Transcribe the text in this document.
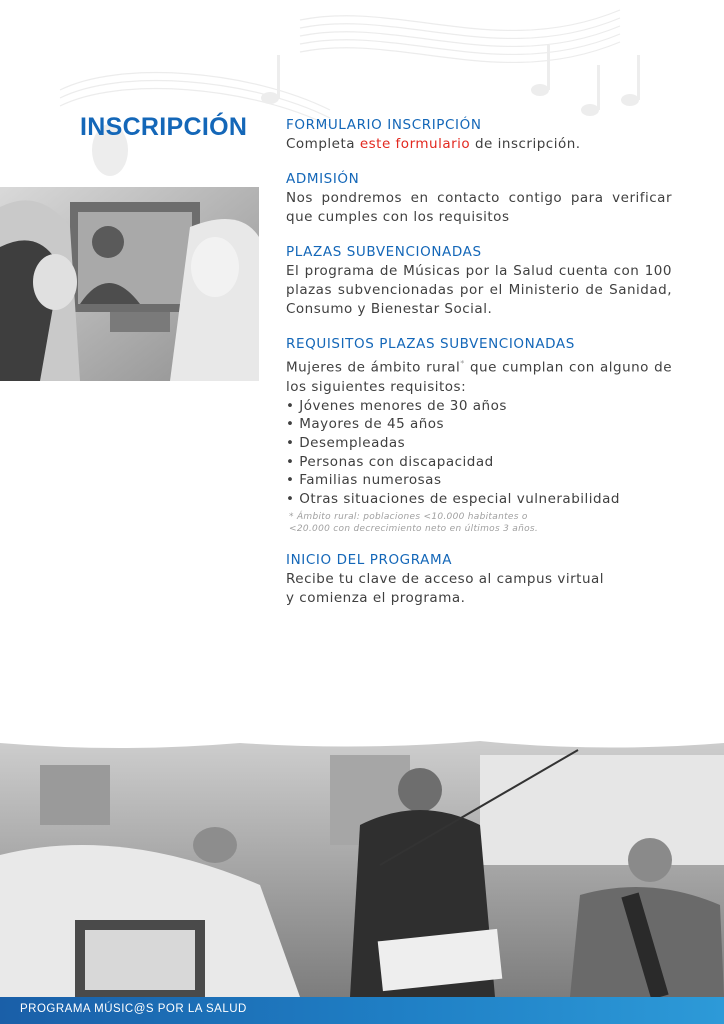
INSCRIPCIÓN	FORMULARIO INSCRIPCIÓN
Completa este formulario de inscripción.
ADMISIÓN
Nos pondremos en contacto contigo para verificar que cumples con los requisitos
PLAZAS SUBVENCIONADAS
El programa de Músicas por la Salud cuenta con 100 plazas subvencionadas por el Ministerio de Sanidad, Consumo y Bienestar Social.
REQUISITOS PLAZAS SUBVENCIONADAS
Mujeres de ámbito rural* que cumplan con alguno de los siguientes requisitos:
• Jóvenes menores de 30 años
• Mayores de 45 años
• Desempleadas
• Personas con discapacidad
• Familias numerosas
• Otras situaciones de especial vulnerabilidad
* Ámbito rural: poblaciones <10.000 habitantes o
<20.000 con decrecimiento neto en últimos 3 años.
INICIO DEL PROGRAMA
Recibe tu clave de acceso al campus virtual
y comienza el programa.
PROGRAMA MÚSIC@S POR LA SALUD
